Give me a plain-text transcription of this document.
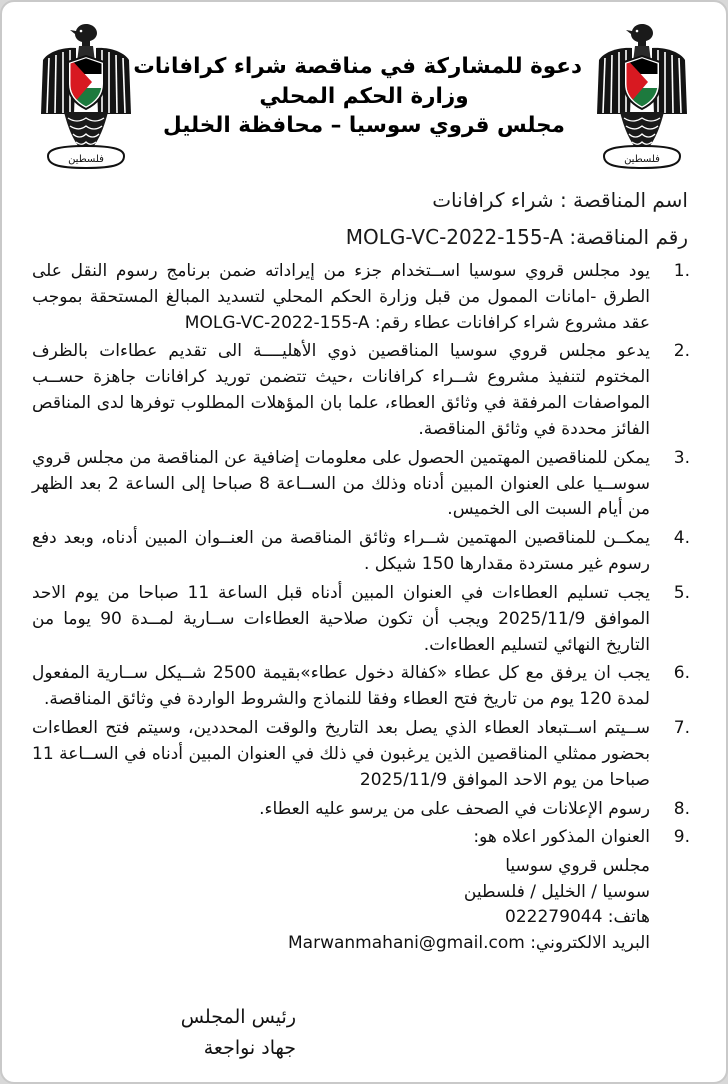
فلسطين	فلسطين
دعوة للمشاركة في مناقصة شراء كرافانات
وزارة الحكم المحلي
مجلس قروي سوسيا – محافظة الخليل
اسم المناقصة : شراء كرافانات
رقم المناقصة: MOLG-VC-2022-155-A
1.
يود مجلس قروي سوسيا اســتخدام جزء من إيراداته ضمن برنامج رسوم النقل على الطرق -امانات الممول من قبل وزارة الحكم المحلي لتسديد المبالغ المستحقة بموجب عقد مشروع شراء كرافانات عطاء رقم: MOLG-VC-2022-155-A
2.
يدعو مجلس قروي سوسيا المناقصين ذوي الأهليــــة الى تقديم عطاءات بالظرف المختوم لتنفيذ مشروع شــراء كرافانات ،حيث تتضمن توريد كرافانات جاهزة حســب المواصفات المرفقة في وثائق العطاء، علما بان المؤهلات المطلوب توفرها لدى المناقص الفائز محددة في وثائق المناقصة.
3.
يمكن للمناقصين المهتمين الحصول على معلومات إضافية عن المناقصة من مجلس قروي سوســيا على العنوان المبين أدناه وذلك من الســاعة 8 صباحا إلى الساعة 2 بعد الظهر من أيام السبت الى الخميس.
4.
يمكــن للمناقصين المهتمين شــراء وثائق المناقصة من العنــوان المبين أدناه، وبعد دفع رسوم غير مستردة مقدارها 150 شيكل .
5.
يجب تسليم العطاءات في العنوان المبين أدناه قبل الساعة 11 صباحا من يوم الاحد الموافق 2025/11/9 ويجب أن تكون صلاحية العطاءات ســارية لمــدة 90 يوما من التاريخ النهائي لتسليم العطاءات.
6.
يجب ان يرفق مع كل عطاء «كفالة دخول عطاء»بقيمة 2500 شــيكل ســارية المفعول لمدة 120 يوم من تاريخ فتح العطاء وفقا للنماذج والشروط الواردة في وثائق المناقصة.
7.
ســيتم اســتبعاد العطاء الذي يصل بعد التاريخ والوقت المحددين، وسيتم فتح العطاءات بحضور ممثلي المناقصين الذين يرغبون في ذلك في العنوان المبين أدناه في الســاعة 11 صباحا من يوم الاحد الموافق 2025/11/9
8.
رسوم الإعلانات في الصحف على من يرسو عليه العطاء.
9.
العنوان المذكور اعلاه هو:
مجلس قروي سوسيا
سوسيا / الخليل / فلسطين
هاتف: 022279044
البريد الالكتروني: Marwanmahani@gmail.com
رئيس المجلس
جهاد نواجعة
